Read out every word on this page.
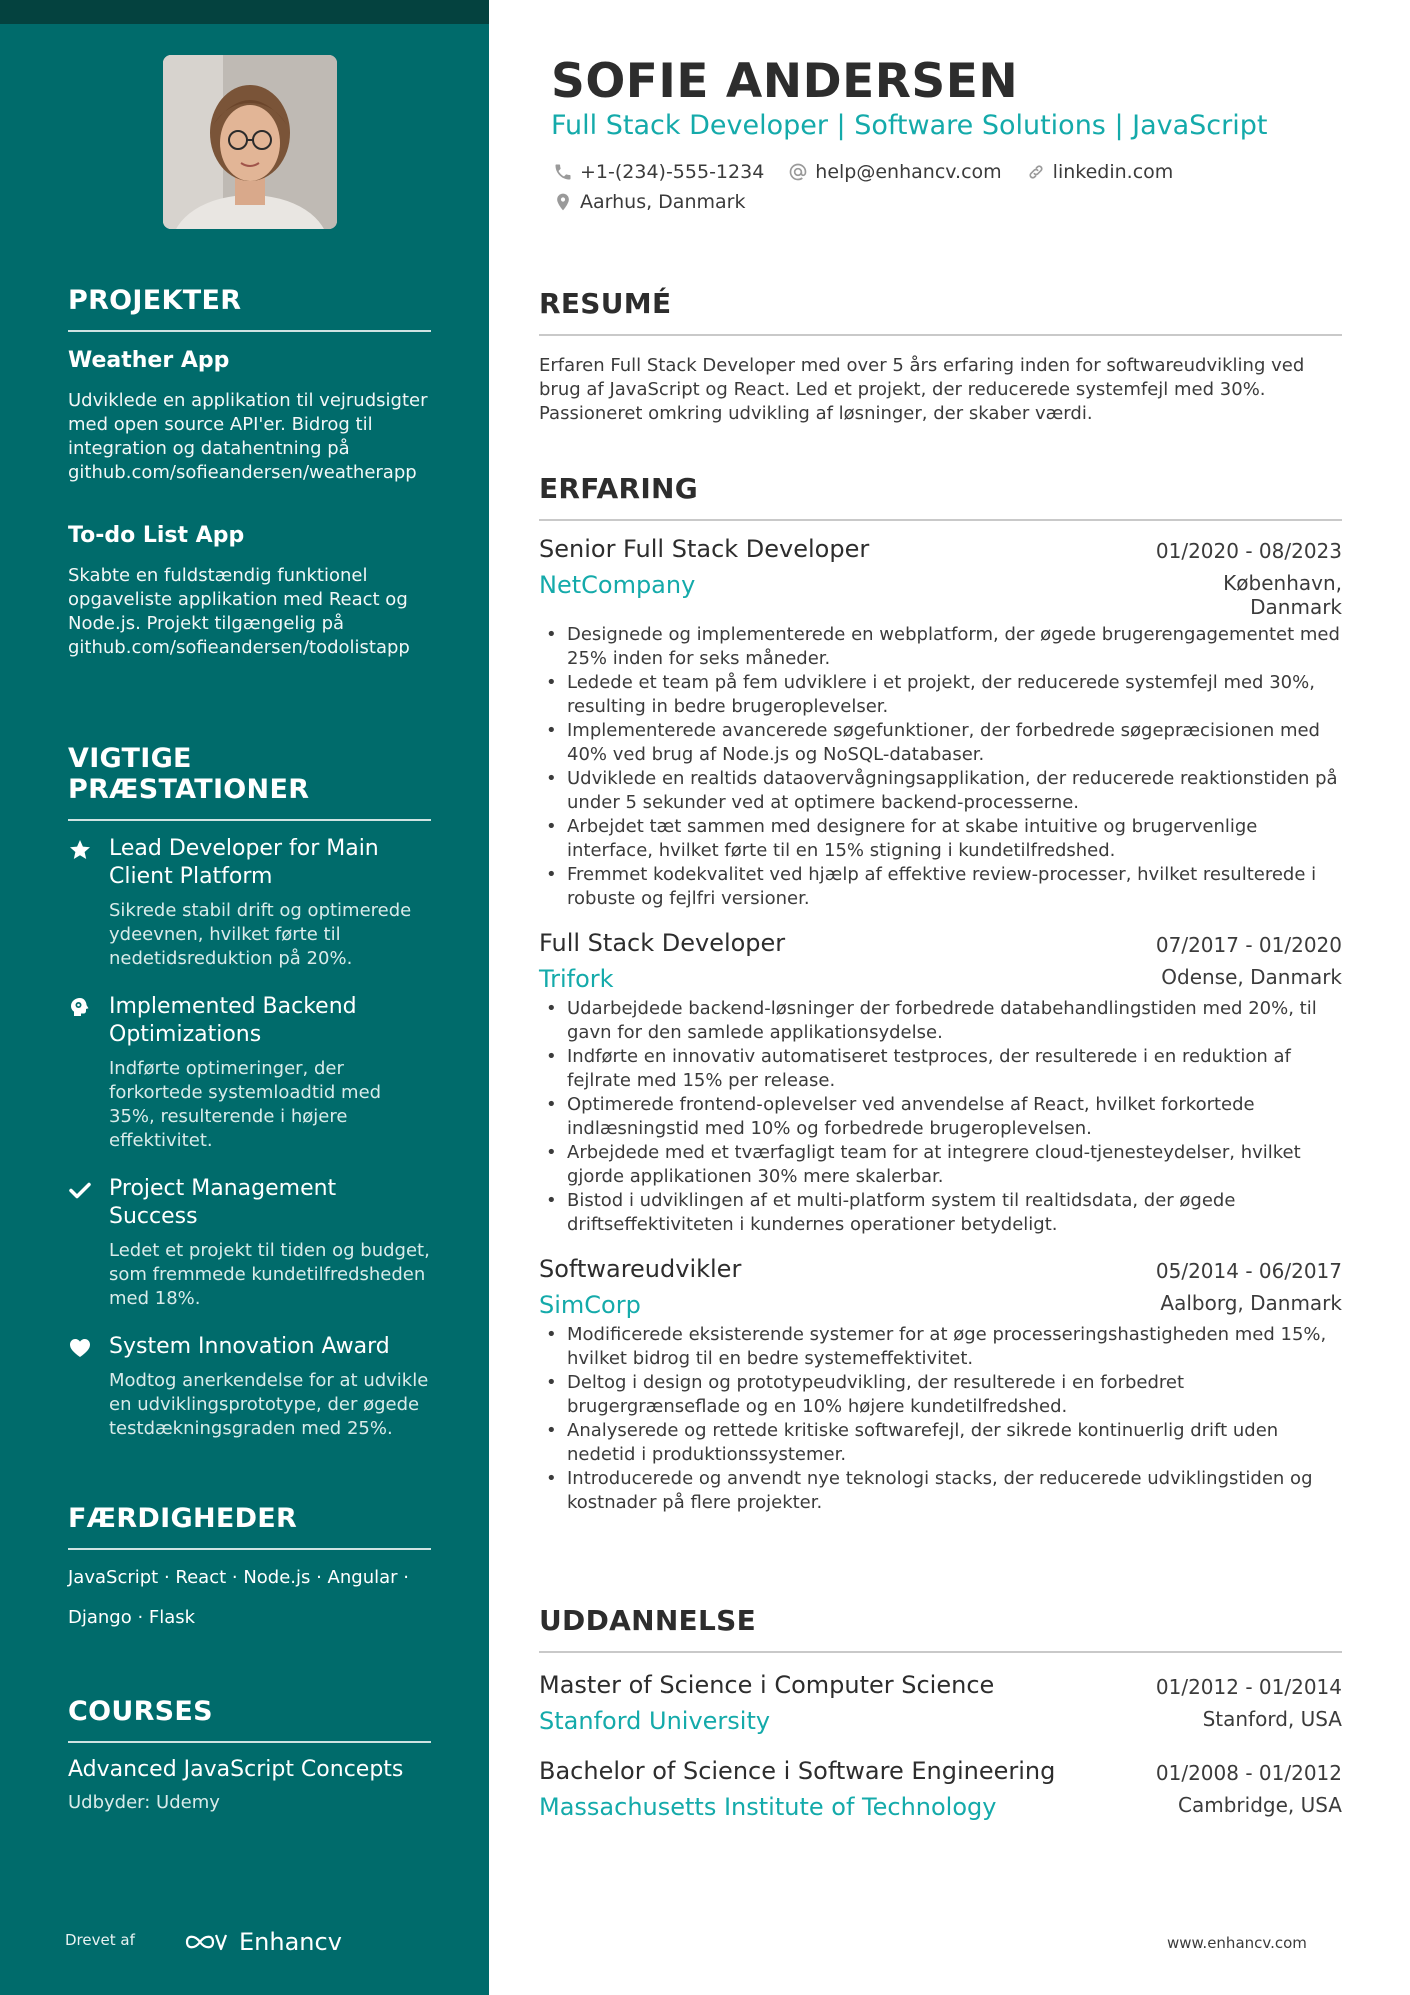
PROJEKTER
Weather App
Udviklede en applikation til vejrudsigter med open source API'er. Bidrog til integration og datahentning på github.com/sofieandersen/weatherapp
To-do List App
Skabte en fuldstændig funktionel opgaveliste applikation med React og Node.js. Projekt tilgængelig på github.com/sofieandersen/todolistapp
VIGTIGE PRÆSTATIONER
Lead Developer for Main Client Platform
Sikrede stabil drift og optimerede ydeevnen, hvilket førte til nedetidsreduktion på 20%.
Implemented Backend Optimizations
Indførte optimeringer, der forkortede systemloadtid med 35%, resulterende i højere effektivitet.
Project Management Success
Ledet et projekt til tiden og budget, som fremmede kundetilfredsheden med 18%.
System Innovation Award
Modtog anerkendelse for at udvikle en udviklingsprototype, der øgede testdækningsgraden med 25%.
FÆRDIGHEDER
JavaScript · React · Node.js · Angular ·
Django · Flask
COURSES
Advanced JavaScript Concepts
Udbyder: Udemy
Drevet af	Enhancv
SOFIE ANDERSEN
Full Stack Developer | Software Solutions | JavaScript
+1-(234)-555-1234	help@enhancv.com	linkedin.com
Aarhus, Danmark
RESUMÉ

Erfaren Full Stack Developer med over 5 års erfaring inden for softwareudvikling ved brug af JavaScript og React. Led et projekt, der reducerede systemfejl med 30%. Passioneret omkring udvikling af løsninger, der skaber værdi.

ERFARING
Senior Full Stack Developer	01/2020 - 08/2023
NetCompany	København,
Danmark
• Designede og implementerede en webplatform, der øgede brugerengagementet med 25% inden for seks måneder.
• Ledede et team på fem udviklere i et projekt, der reducerede systemfejl med 30%, resulting in bedre brugeroplevelser.
• Implementerede avancerede søgefunktioner, der forbedrede søgepræcisionen med 40% ved brug af Node.js og NoSQL-databaser.
• Udviklede en realtids dataovervågningsapplikation, der reducerede reaktionstiden på under 5 sekunder ved at optimere backend-processerne.
• Arbejdet tæt sammen med designere for at skabe intuitive og brugervenlige interface, hvilket førte til en 15% stigning i kundetilfredshed.
• Fremmet kodekvalitet ved hjælp af effektive review-processer, hvilket resulterede i robuste og fejlfri versioner.
Full Stack Developer	07/2017 - 01/2020
Trifork	Odense, Danmark
• Udarbejdede backend-løsninger der forbedrede databehandlingstiden med 20%, til gavn for den samlede applikationsydelse.
• Indførte en innovativ automatiseret testproces, der resulterede i en reduktion af fejlrate med 15% per release.
• Optimerede frontend-oplevelser ved anvendelse af React, hvilket forkortede indlæsningstid med 10% og forbedrede brugeroplevelsen.
• Arbejdede med et tværfagligt team for at integrere cloud-tjenesteydelser, hvilket gjorde applikationen 30% mere skalerbar.
• Bistod i udviklingen af et multi-platform system til realtidsdata, der øgede driftseffektiviteten i kundernes operationer betydeligt.
Softwareudvikler	05/2014 - 06/2017
SimCorp	Aalborg, Danmark
• Modificerede eksisterende systemer for at øge processeringshastigheden med 15%, hvilket bidrog til en bedre systemeffektivitet.
• Deltog i design og prototypeudvikling, der resulterede i en forbedret brugergrænseflade og en 10% højere kundetilfredshed.
• Analyserede og rettede kritiske softwarefejl, der sikrede kontinuerlig drift uden nedetid i produktionssystemer.
• Introducerede og anvendt nye teknologi stacks, der reducerede udviklingstiden og kostnader på flere projekter.
UDDANNELSE
Master of Science i Computer Science	01/2012 - 01/2014
Stanford University	Stanford, USA
Bachelor of Science i Software Engineering	01/2008 - 01/2012
Massachusetts Institute of Technology	Cambridge, USA
www.enhancv.com
